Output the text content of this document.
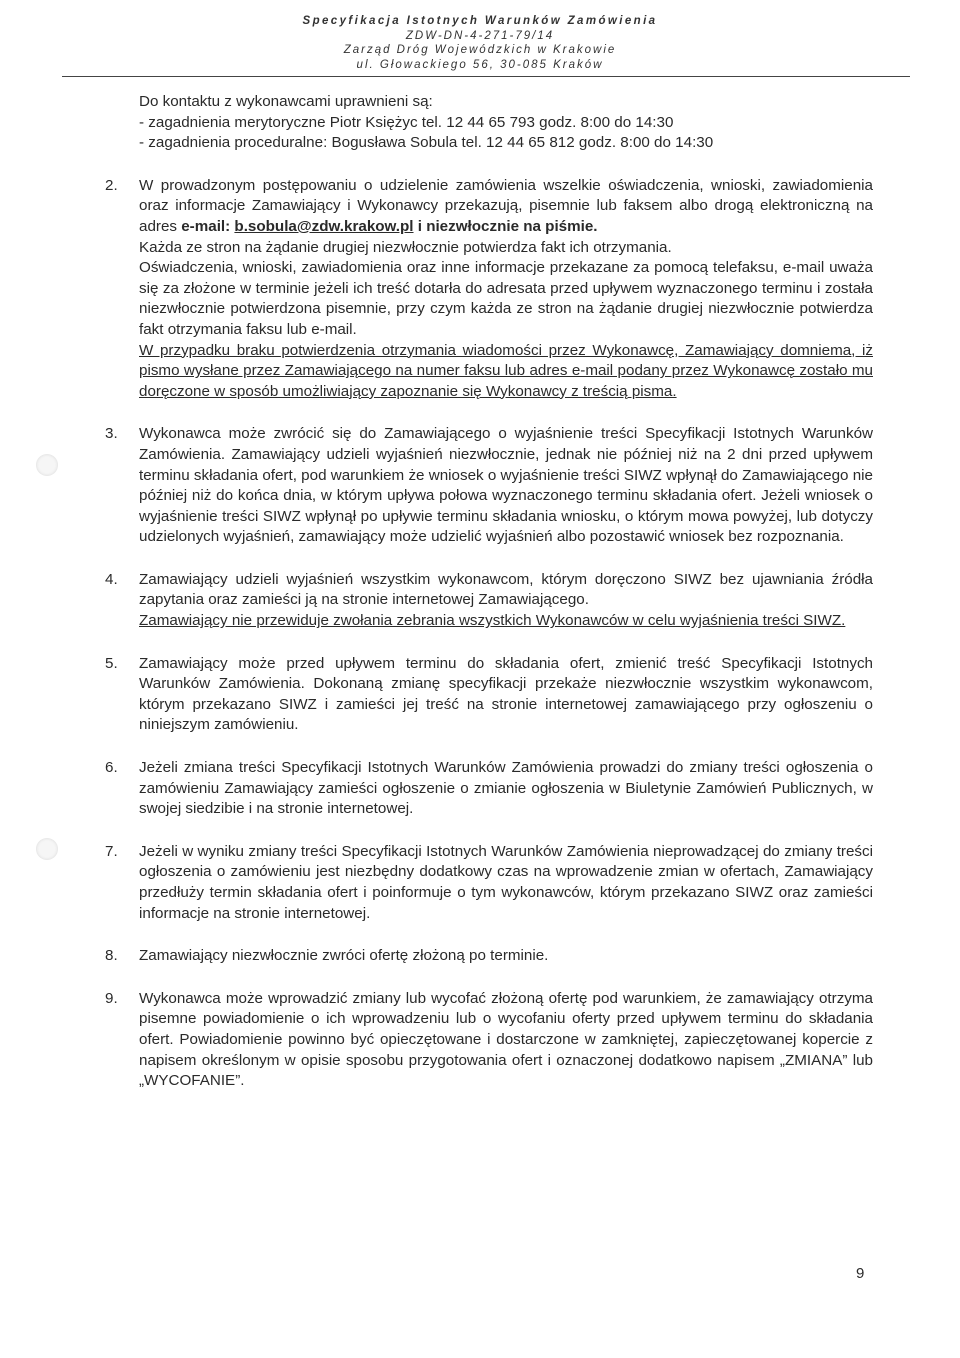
Specyfikacja Istotnych Warunków Zamówienia
ZDW-DN-4-271-79/14
Zarząd Dróg Wojewódzkich w Krakowie
ul. Głowackiego 56, 30-085 Kraków
Do kontaktu z wykonawcami uprawnieni są:
- zagadnienia merytoryczne Piotr Księżyc tel. 12 44 65 793 godz. 8:00 do 14:30
- zagadnienia proceduralne: Bogusława Sobula tel. 12 44 65 812 godz. 8:00 do 14:30
2. W prowadzonym postępowaniu o udzielenie zamówienia wszelkie oświadczenia, wnioski, zawiadomienia oraz informacje Zamawiający i Wykonawcy przekazują, pisemnie lub faksem albo drogą elektroniczną na adres e-mail: b.sobula@zdw.krakow.pl i niezwłocznie na piśmie.

Każda ze stron na żądanie drugiej niezwłocznie potwierdza fakt ich otrzymania.

Oświadczenia, wnioski, zawiadomienia oraz inne informacje przekazane za pomocą telefaksu, e-mail uważa się za złożone w terminie jeżeli ich treść dotarła do adresata przed upływem wyznaczonego terminu i została niezwłocznie potwierdzona pisemnie, przy czym każda ze stron na żądanie drugiej niezwłocznie potwierdza fakt otrzymania faksu lub e-mail.

W przypadku braku potwierdzenia otrzymania wiadomości przez Wykonawcę, Zamawiający domniema, iż pismo wysłane przez Zamawiającego na numer faksu lub adres e-mail podany przez Wykonawcę zostało mu doręczone w sposób umożliwiający zapoznanie się Wykonawcy z treścią pisma.

3. Wykonawca może zwrócić się do Zamawiającego o wyjaśnienie treści Specyfikacji Istotnych Warunków Zamówienia. Zamawiający udzieli wyjaśnień niezwłocznie, jednak nie później niż na 2 dni przed upływem terminu składania ofert, pod warunkiem że wniosek o wyjaśnienie treści SIWZ wpłynął do Zamawiającego nie później niż do końca dnia, w którym upływa połowa wyznaczonego terminu składania ofert. Jeżeli wniosek o wyjaśnienie treści SIWZ wpłynął po upływie terminu składania wniosku, o którym mowa powyżej, lub dotyczy udzielonych wyjaśnień, zamawiający może udzielić wyjaśnień albo pozostawić wniosek bez rozpoznania.

4. Zamawiający udzieli wyjaśnień wszystkim wykonawcom, którym doręczono SIWZ bez ujawniania źródła zapytania oraz zamieści ją na stronie internetowej Zamawiającego.

Zamawiający nie przewiduje zwołania zebrania wszystkich Wykonawców w celu wyjaśnienia treści SIWZ.

5. Zamawiający może przed upływem terminu do składania ofert, zmienić treść Specyfikacji Istotnych Warunków Zamówienia. Dokonaną zmianę specyfikacji przekaże niezwłocznie wszystkim wykonawcom, którym przekazano SIWZ i zamieści jej treść na stronie internetowej zamawiającego przy ogłoszeniu o niniejszym zamówieniu.

6. Jeżeli zmiana treści Specyfikacji Istotnych Warunków Zamówienia prowadzi do zmiany treści ogłoszenia o zamówieniu Zamawiający zamieści ogłoszenie o zmianie ogłoszenia w Biuletynie Zamówień Publicznych, w swojej siedzibie i na stronie internetowej.

7. Jeżeli w wyniku zmiany treści Specyfikacji Istotnych Warunków Zamówienia nieprowadzącej do zmiany treści ogłoszenia o zamówieniu jest niezbędny dodatkowy czas na wprowadzenie zmian w ofertach, Zamawiający przedłuży termin składania ofert i poinformuje o tym wykonawców, którym przekazano SIWZ oraz zamieści informacje na stronie internetowej.

8. Zamawiający niezwłocznie zwróci ofertę złożoną po terminie.

9. Wykonawca może wprowadzić zmiany lub wycofać złożoną ofertę pod warunkiem, że zamawiający otrzyma pisemne powiadomienie o ich wprowadzeniu lub o wycofaniu oferty przed upływem terminu do składania ofert. Powiadomienie powinno być opieczętowane i dostarczone w zamkniętej, zapieczętowanej kopercie z napisem określonym w opisie sposobu przygotowania ofert i oznaczonej dodatkowo napisem „ZMIANA” lub „WYCOFANIE”.

9
